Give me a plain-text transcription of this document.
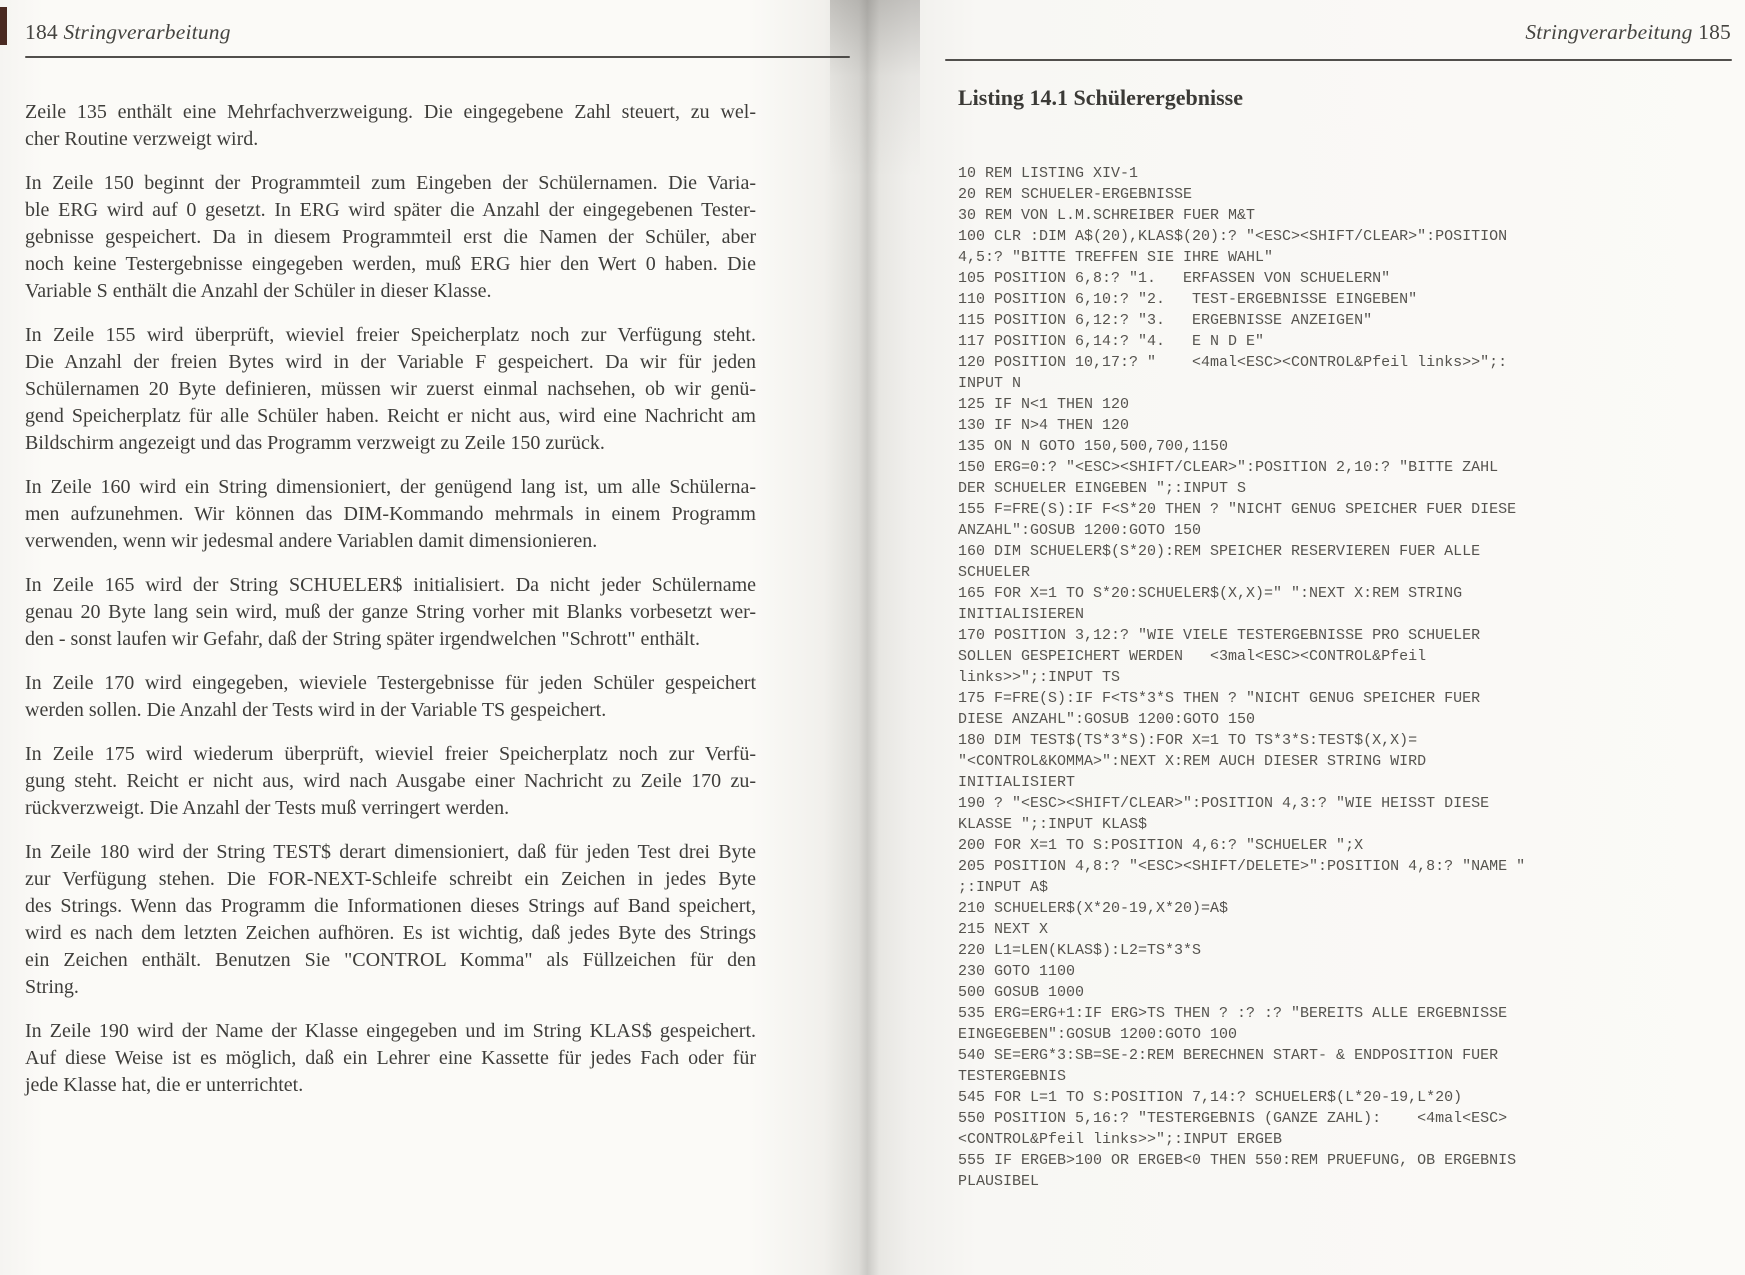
184 Stringverarbeitung
Zeile 135 enthält eine Mehrfachverzweigung. Die eingegebene Zahl steuert, zu wel-
cher Routine verzweigt wird.
In Zeile 150 beginnt der Programmteil zum Eingeben der Schülernamen. Die Varia-
ble ERG wird auf 0 gesetzt. In ERG wird später die Anzahl der eingegebenen Tester-
gebnisse gespeichert. Da in diesem Programmteil erst die Namen der Schüler, aber
noch keine Testergebnisse eingegeben werden, muß ERG hier den Wert 0 haben. Die
Variable S enthält die Anzahl der Schüler in dieser Klasse.
In Zeile 155 wird überprüft, wieviel freier Speicherplatz noch zur Verfügung steht.
Die Anzahl der freien Bytes wird in der Variable F gespeichert. Da wir für jeden
Schülernamen 20 Byte definieren, müssen wir zuerst einmal nachsehen, ob wir genü-
gend Speicherplatz für alle Schüler haben. Reicht er nicht aus, wird eine Nachricht am
Bildschirm angezeigt und das Programm verzweigt zu Zeile 150 zurück.
In Zeile 160 wird ein String dimensioniert, der genügend lang ist, um alle Schülerna-
men aufzunehmen. Wir können das DIM-Kommando mehrmals in einem Programm
verwenden, wenn wir jedesmal andere Variablen damit dimensionieren.
In Zeile 165 wird der String SCHUELER$ initialisiert. Da nicht jeder Schülername
genau 20 Byte lang sein wird, muß der ganze String vorher mit Blanks vorbesetzt wer-
den - sonst laufen wir Gefahr, daß der String später irgendwelchen "Schrott" enthält.
In Zeile 170 wird eingegeben, wieviele Testergebnisse für jeden Schüler gespeichert
werden sollen. Die Anzahl der Tests wird in der Variable TS gespeichert.
In Zeile 175 wird wiederum überprüft, wieviel freier Speicherplatz noch zur Verfü-
gung steht. Reicht er nicht aus, wird nach Ausgabe einer Nachricht zu Zeile 170 zu-
rückverzweigt. Die Anzahl der Tests muß verringert werden.
In Zeile 180 wird der String TEST$ derart dimensioniert, daß für jeden Test drei Byte
zur Verfügung stehen. Die FOR-NEXT-Schleife schreibt ein Zeichen in jedes Byte
des Strings. Wenn das Programm die Informationen dieses Strings auf Band speichert,
wird es nach dem letzten Zeichen aufhören. Es ist wichtig, daß jedes Byte des Strings
ein Zeichen enthält. Benutzen Sie "CONTROL Komma" als Füllzeichen für den
String.
In Zeile 190 wird der Name der Klasse eingegeben und im String KLAS$ gespeichert.
Auf diese Weise ist es möglich, daß ein Lehrer eine Kassette für jedes Fach oder für
jede Klasse hat, die er unterrichtet.
Stringverarbeitung 185
Listing 14.1 Schülerergebnisse
10 REM LISTING XIV-1
20 REM SCHUELER-ERGEBNISSE
30 REM VON L.M.SCHREIBER FUER M&T
100 CLR :DIM A$(20),KLAS$(20):? "<ESC><SHIFT/CLEAR>":POSITION
4,5:? "BITTE TREFFEN SIE IHRE WAHL"
105 POSITION 6,8:? "1.   ERFASSEN VON SCHUELERN"
110 POSITION 6,10:? "2.   TEST-ERGEBNISSE EINGEBEN"
115 POSITION 6,12:? "3.   ERGEBNISSE ANZEIGEN"
117 POSITION 6,14:? "4.   E N D E"
120 POSITION 10,17:? "    <4mal<ESC><CONTROL&Pfeil links>>";:
INPUT N
125 IF N<1 THEN 120
130 IF N>4 THEN 120
135 ON N GOTO 150,500,700,1150
150 ERG=0:? "<ESC><SHIFT/CLEAR>":POSITION 2,10:? "BITTE ZAHL
DER SCHUELER EINGEBEN ";:INPUT S
155 F=FRE(S):IF F<S*20 THEN ? "NICHT GENUG SPEICHER FUER DIESE
ANZAHL":GOSUB 1200:GOTO 150
160 DIM SCHUELER$(S*20):REM SPEICHER RESERVIEREN FUER ALLE
SCHUELER
165 FOR X=1 TO S*20:SCHUELER$(X,X)=" ":NEXT X:REM STRING
INITIALISIEREN
170 POSITION 3,12:? "WIE VIELE TESTERGEBNISSE PRO SCHUELER
SOLLEN GESPEICHERT WERDEN   <3mal<ESC><CONTROL&Pfeil
links>>";:INPUT TS
175 F=FRE(S):IF F<TS*3*S THEN ? "NICHT GENUG SPEICHER FUER
DIESE ANZAHL":GOSUB 1200:GOTO 150
180 DIM TEST$(TS*3*S):FOR X=1 TO TS*3*S:TEST$(X,X)=
"<CONTROL&KOMMA>":NEXT X:REM AUCH DIESER STRING WIRD
INITIALISIERT
190 ? "<ESC><SHIFT/CLEAR>":POSITION 4,3:? "WIE HEISST DIESE
KLASSE ";:INPUT KLAS$
200 FOR X=1 TO S:POSITION 4,6:? "SCHUELER ";X
205 POSITION 4,8:? "<ESC><SHIFT/DELETE>":POSITION 4,8:? "NAME "
;:INPUT A$
210 SCHUELER$(X*20-19,X*20)=A$
215 NEXT X
220 L1=LEN(KLAS$):L2=TS*3*S
230 GOTO 1100
500 GOSUB 1000
535 ERG=ERG+1:IF ERG>TS THEN ? :? :? "BEREITS ALLE ERGEBNISSE
EINGEGEBEN":GOSUB 1200:GOTO 100
540 SE=ERG*3:SB=SE-2:REM BERECHNEN START- & ENDPOSITION FUER
TESTERGEBNIS
545 FOR L=1 TO S:POSITION 7,14:? SCHUELER$(L*20-19,L*20)
550 POSITION 5,16:? "TESTERGEBNIS (GANZE ZAHL):    <4mal<ESC>
<CONTROL&Pfeil links>>";:INPUT ERGEB
555 IF ERGEB>100 OR ERGEB<0 THEN 550:REM PRUEFUNG, OB ERGEBNIS
PLAUSIBEL
